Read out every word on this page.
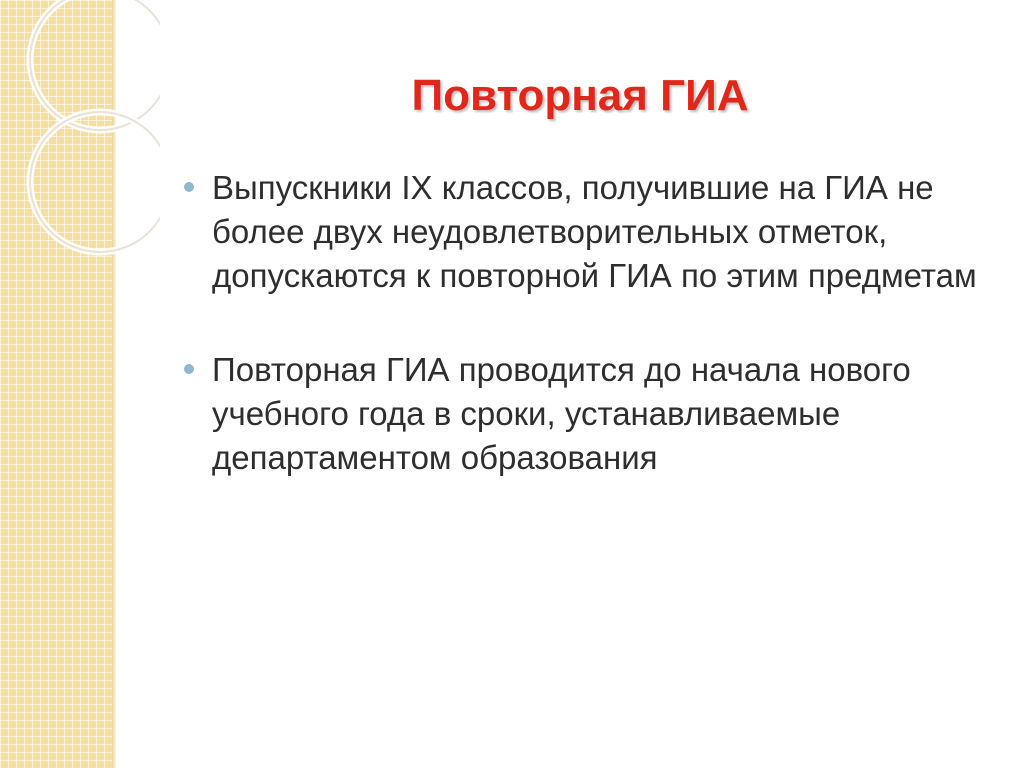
Повторная ГИА
Выпускники IX классов, получившие на ГИА не более двух неудовлетворительных отметок, допускаются к повторной ГИА по этим предметам
Повторная ГИА проводится до начала нового учебного года в сроки, устанавливаемые департаментом образования
